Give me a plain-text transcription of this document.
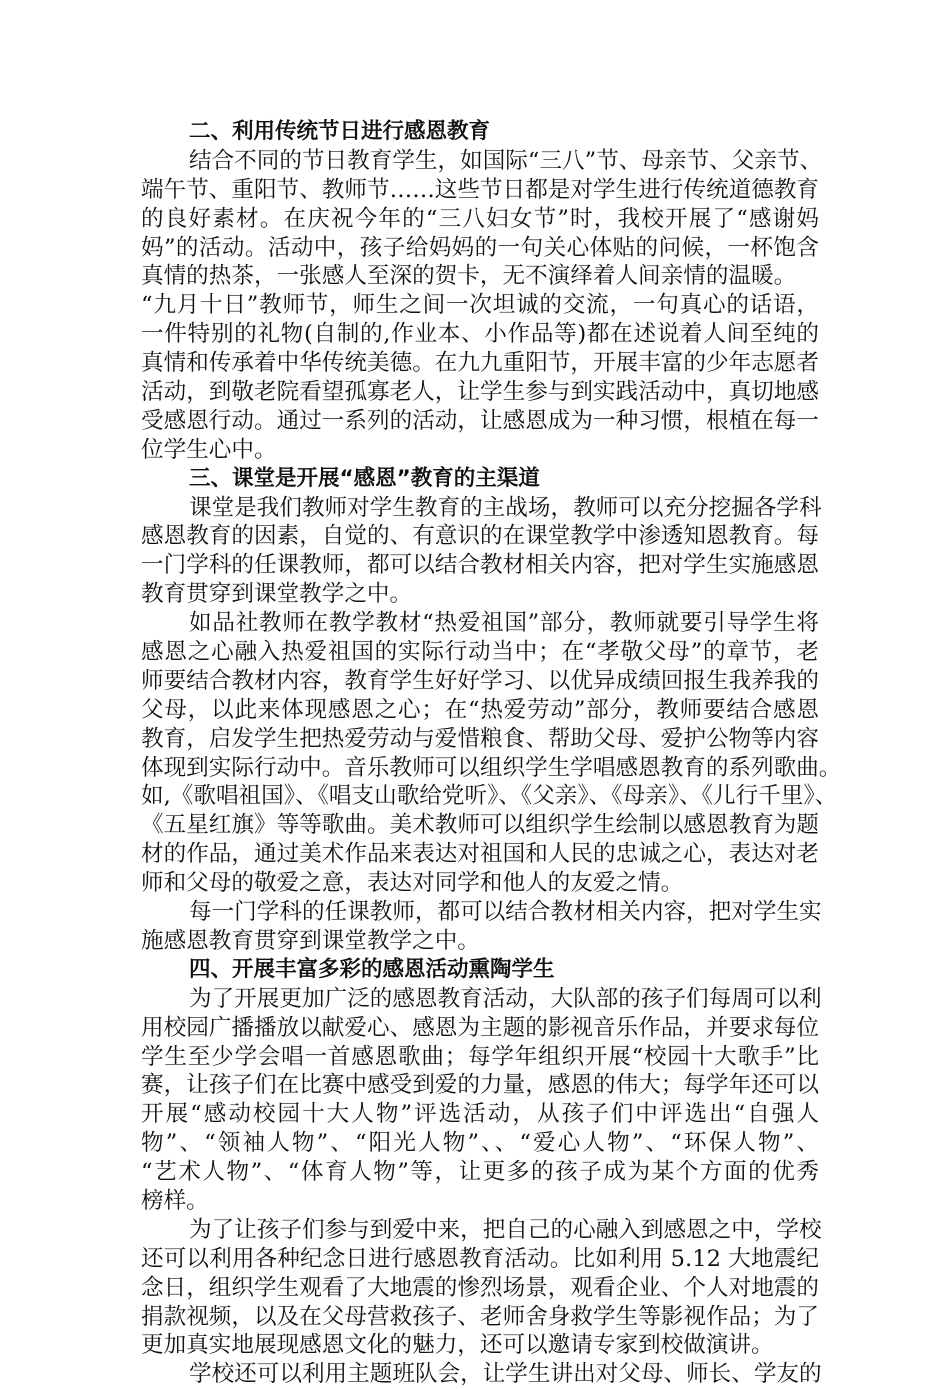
二、利用传统节日进行感恩教育
结合不同的节日教育学生，如国际“三八”节、母亲节、父亲节、
端午节、重阳节、教师节……这些节日都是对学生进行传统道德教育
的良好素材。在庆祝今年的“三八妇女节”时，我校开展了“感谢妈
妈”的活动。活动中，孩子给妈妈的一句关心体贴的问候，一杯饱含
真情的热茶，一张感人至深的贺卡，无不演绎着人间亲情的温暖。
“九月十日”教师节，师生之间一次坦诚的交流，一句真心的话语，
一件特别的礼物(自制的,作业本、小作品等)都在述说着人间至纯的
真情和传承着中华传统美德。在九九重阳节，开展丰富的少年志愿者
活动，到敬老院看望孤寡老人，让学生参与到实践活动中，真切地感
受感恩行动。通过一系列的活动，让感恩成为一种习惯，根植在每一
位学生心中。
三、课堂是开展“感恩”教育的主渠道
课堂是我们教师对学生教育的主战场，教师可以充分挖掘各学科
感恩教育的因素，自觉的、有意识的在课堂教学中渗透知恩教育。每
一门学科的任课教师，都可以结合教材相关内容，把对学生实施感恩
教育贯穿到课堂教学之中。
如品社教师在教学教材“热爱祖国”部分，教师就要引导学生将
感恩之心融入热爱祖国的实际行动当中；在“孝敬父母”的章节，老
师要结合教材内容，教育学生好好学习、以优异成绩回报生我养我的
父母，以此来体现感恩之心；在“热爱劳动”部分，教师要结合感恩
教育，启发学生把热爱劳动与爱惜粮食、帮助父母、爱护公物等内容
体现到实际行动中。音乐教师可以组织学生学唱感恩教育的系列歌曲。
如,《歌唱祖国》、《唱支山歌给党听》、《父亲》、《母亲》、《儿行千里》、
《五星红旗》等等歌曲。美术教师可以组织学生绘制以感恩教育为题
材的作品，通过美术作品来表达对祖国和人民的忠诚之心，表达对老
师和父母的敬爱之意，表达对同学和他人的友爱之情。
每一门学科的任课教师，都可以结合教材相关内容，把对学生实
施感恩教育贯穿到课堂教学之中。
四、开展丰富多彩的感恩活动熏陶学生
为了开展更加广泛的感恩教育活动，大队部的孩子们每周可以利
用校园广播播放以献爱心、感恩为主题的影视音乐作品，并要求每位
学生至少学会唱一首感恩歌曲；每学年组织开展“校园十大歌手”比
赛，让孩子们在比赛中感受到爱的力量，感恩的伟大；每学年还可以
开展“感动校园十大人物”评选活动，从孩子们中评选出“自强人
物”、“领袖人物”、“阳光人物”、、“爱心人物”、“环保人物”、
“艺术人物”、“体育人物”等，让更多的孩子成为某个方面的优秀
榜样。
为了让孩子们参与到爱中来，把自己的心融入到感恩之中，学校
还可以利用各种纪念日进行感恩教育活动。比如利用 5.12 大地震纪
念日，组织学生观看了大地震的惨烈场景，观看企业、个人对地震的
捐款视频，以及在父母营救孩子、老师舍身救学生等影视作品；为了
更加真实地展现感恩文化的魅力，还可以邀请专家到校做演讲。
学校还可以利用主题班队会，让学生讲出对父母、师长、学友的
